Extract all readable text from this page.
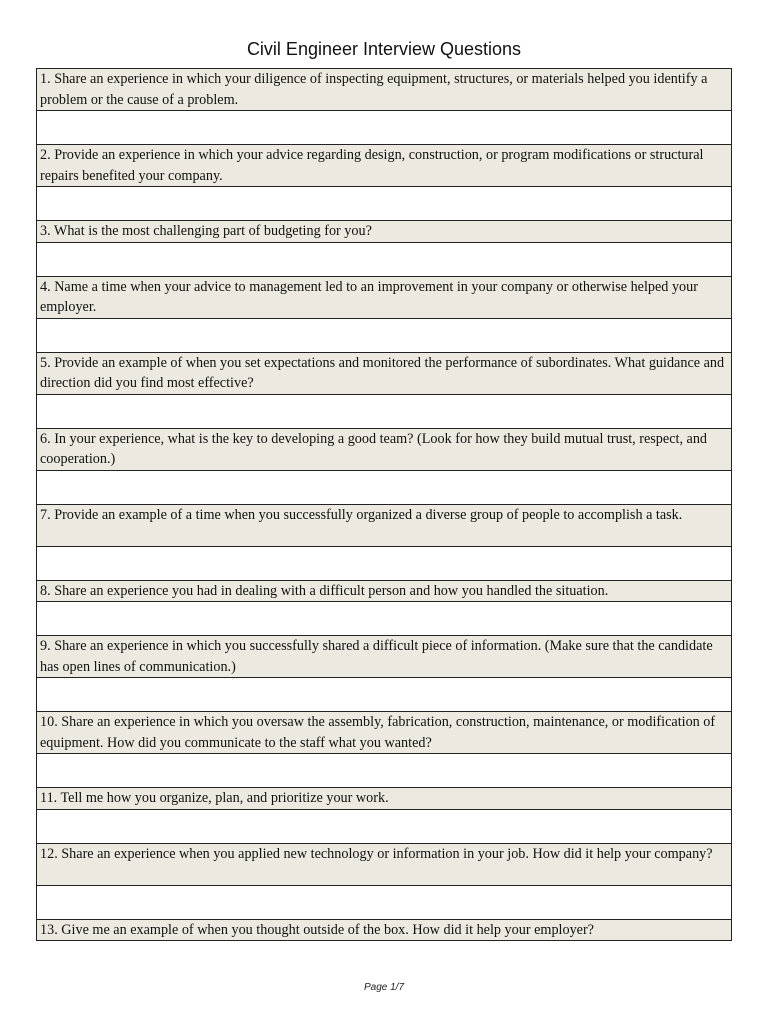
Civil Engineer Interview Questions
1. Share an experience in which your diligence of inspecting equipment, structures, or materials helped you identify a problem or the cause of a problem.

2. Provide an experience in which your advice regarding design, construction, or program modifications or structural repairs benefited your company.

3. What is the most challenging part of budgeting for you?

4. Name a time when your advice to management led to an improvement in your company or otherwise helped your employer.

5. Provide an example of when you set expectations and monitored the performance of subordinates. What guidance and direction did you find most effective?

6. In your experience, what is the key to developing a good team? (Look for how they build mutual trust, respect, and cooperation.)

7. Provide an example of a time when you successfully organized a diverse group of people to accomplish a task.

8. Share an experience you had in dealing with a difficult person and how you handled the situation.

9. Share an experience in which you successfully shared a difficult piece of information. (Make sure that the candidate has open lines of communication.)

10. Share an experience in which you oversaw the assembly, fabrication, construction, maintenance, or modification of equipment. How did you communicate to the staff what you wanted?

11. Tell me how you organize, plan, and prioritize your work.

12. Share an experience when you applied new technology or information in your job. How did it help your company?

13. Give me an example of when you thought outside of the box. How did it help your employer?
Page 1/7
